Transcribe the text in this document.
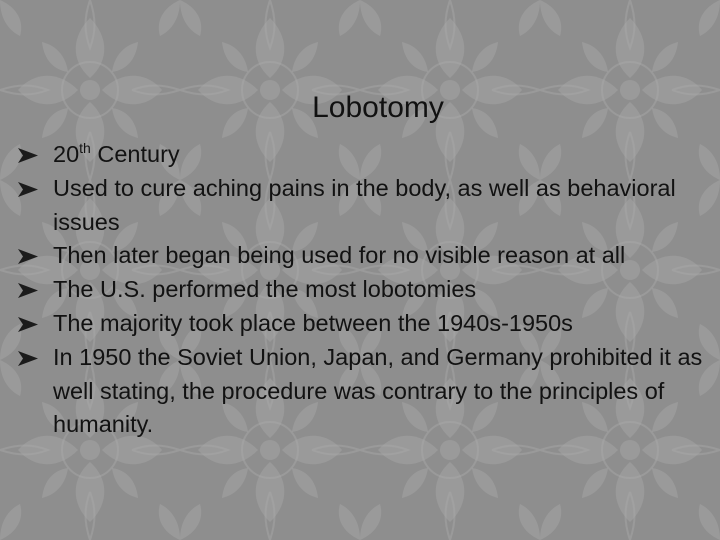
Lobotomy
20th Century
Used to cure aching pains in the body, as well as behavioral issues
Then later began being used for no visible reason at all
The U.S. performed the most lobotomies
The majority took place between the 1940s-1950s
In 1950 the Soviet Union, Japan, and Germany prohibited it as well stating, the procedure was contrary to the principles of humanity.
